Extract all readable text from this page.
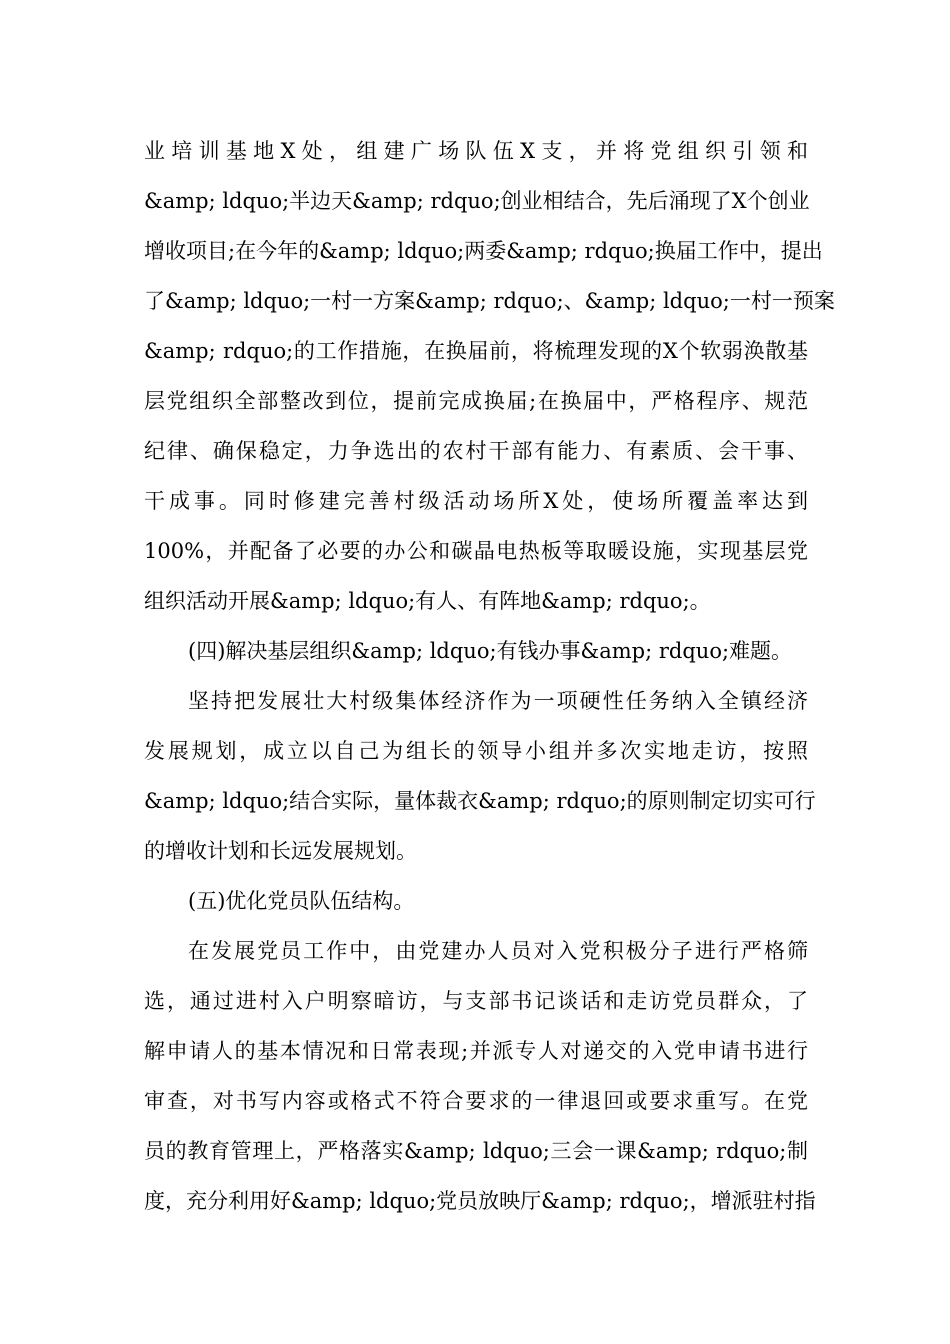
业培训基地X处，组建广场队伍X支，并将党组织引领和
&amp; ldquo;半边天&amp; rdquo;创业相结合，先后涌现了X个创业
增收项目;在今年的&amp; ldquo;两委&amp; rdquo;换届工作中，提出
了&amp; ldquo;一村一方案&amp; rdquo;、&amp; ldquo;一村一预案
&amp; rdquo;的工作措施，在换届前，将梳理发现的X个软弱涣散基
层党组织全部整改到位，提前完成换届;在换届中，严格程序、规范
纪律、确保稳定，力争选出的农村干部有能力、有素质、会干事、
干成事。同时修建完善村级活动场所X处，使场所覆盖率达到
100%，并配备了必要的办公和碳晶电热板等取暖设施，实现基层党
组织活动开展&amp; ldquo;有人、有阵地&amp; rdquo;。
(四)解决基层组织&amp; ldquo;有钱办事&amp; rdquo;难题。
坚持把发展壮大村级集体经济作为一项硬性任务纳入全镇经济
发展规划，成立以自己为组长的领导小组并多次实地走访，按照
&amp; ldquo;结合实际，量体裁衣&amp; rdquo;的原则制定切实可行
的增收计划和长远发展规划。
(五)优化党员队伍结构。
在发展党员工作中，由党建办人员对入党积极分子进行严格筛
选，通过进村入户明察暗访，与支部书记谈话和走访党员群众，了
解申请人的基本情况和日常表现;并派专人对递交的入党申请书进行
审查，对书写内容或格式不符合要求的一律退回或要求重写。在党
员的教育管理上，严格落实&amp; ldquo;三会一课&amp; rdquo;制
度，充分利用好&amp; ldquo;党员放映厅&amp; rdquo;，增派驻村指
